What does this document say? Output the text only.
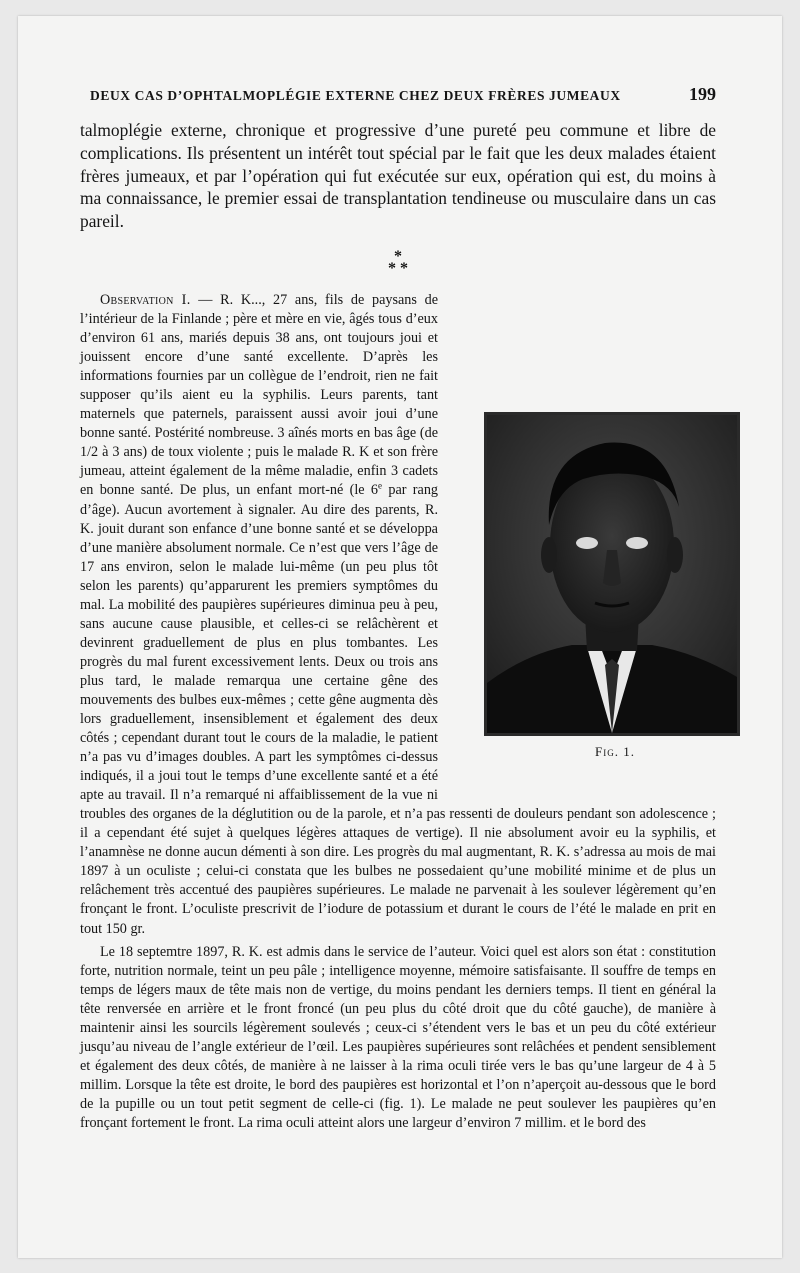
DEUX CAS D’OPHTALMOPLÉGIE EXTERNE CHEZ DEUX FRÈRES JUMEAUX	199

talmoplégie externe, chronique et progressive d’une pureté peu commune et libre de complications. Ils présentent un intérêt tout spécial par le fait que les deux malades étaient frères jumeaux, et par l’opération qui fut exécutée sur eux, opération qui est, du moins à ma connaissance, le premier essai de transplantation tendineuse ou musculaire dans un cas pareil.

*
* *

Observation I. — R. K..., 27 ans, fils de paysans de l’intérieur de la Finlande ; père et mère en vie, âgés tous d’eux d’environ 61 ans, mariés depuis 38 ans, ont toujours joui et jouissent encore d’une santé excellente. D’après les informations fournies par un collègue de l’endroit, rien ne fait supposer qu’ils aient eu la syphilis. Leurs parents, tant maternels que paternels, paraissent aussi avoir joui d’une bonne santé. Postérité nombreuse. 3 aînés morts en bas âge (de 1/2 à 3 ans) de toux violente ; puis le malade R. K et son frère jumeau, atteint également de la même maladie, enfin 3 cadets en bonne santé. De plus, un enfant mort-né (le 6e par rang d’âge). Aucun avortement à signaler. Au dire des parents, R. K. jouit durant son enfance d’une bonne santé et se développa d’une manière absolument normale. Ce n’est que vers l’âge de 17 ans environ, selon le malade lui-même (un peu plus tôt selon les parents) qu’apparurent les premiers symptômes du mal. La mobilité des paupières supérieures diminua peu à peu, sans aucune cause plausible, et celles-ci se relâchèrent et devinrent graduellement de plus en plus tombantes. Les progrès du mal furent excessivement lents. Deux ou trois ans plus tard, le malade remarqua une certaine gêne des mouvements des bulbes eux-mêmes ; cette gêne augmenta dès lors graduellement, insensiblement et également des deux côtés ; cependant durant tout le cours de la maladie, le patient n’a pas vu d’images doubles. A part les symptômes ci-dessus indiqués, il a joui tout le temps d’une excellente santé et a été apte au travail. Il n’a remarqué ni affaiblissement de la vue ni troubles des organes de la déglutition ou de la parole, et n’a pas ressenti de douleurs pendant son adolescence ; il a cependant été sujet à quelques légères attaques de vertige). Il nie absolument avoir eu la syphilis, et l’anamnèse ne donne aucun démenti à son dire. Les progrès du mal augmentant, R. K. s’adressa au mois de mai 1897 à un oculiste ; celui-ci constata que les bulbes ne possedaient qu’une mobilité minime et de plus un relâchement très accentué des paupières supérieures. Le malade ne parvenait à les soulever légèrement qu’en fronçant le front. L’oculiste prescrivit de l’iodure de potassium et durant le cours de l’été le malade en prit en tout 150 gr.

Le 18 septemtre 1897, R. K. est admis dans le service de l’auteur. Voici quel est alors son état : constitution forte, nutrition normale, teint un peu pâle ; intelligence moyenne, mémoire satisfaisante. Il souffre de temps en temps de légers maux de tête mais non de vertige, du moins pendant les derniers temps. Il tient en général la tête renversée en arrière et le front froncé (un peu plus du côté droit que du côté gauche), de manière à maintenir ainsi les sourcils légèrement soulevés ; ceux-ci s’étendent vers le bas et un peu du côté extérieur jusqu’au niveau de l’angle extérieur de l’œil. Les paupières supérieures sont relâchées et pendent sensiblement et également des deux côtés, de manière à ne laisser à la rima oculi tirée vers le bas qu’une largeur de 4 à 5 millim. Lorsque la tête est droite, le bord des paupières est horizontal et l’on n’aperçoit au-dessous que le bord de la pupille ou un tout petit segment de celle-ci (fig. 1). Le malade ne peut soulever les paupières qu’en fronçant fortement le front. La rima oculi atteint alors une largeur d’environ 7 millim. et le bord des

Fig. 1.
